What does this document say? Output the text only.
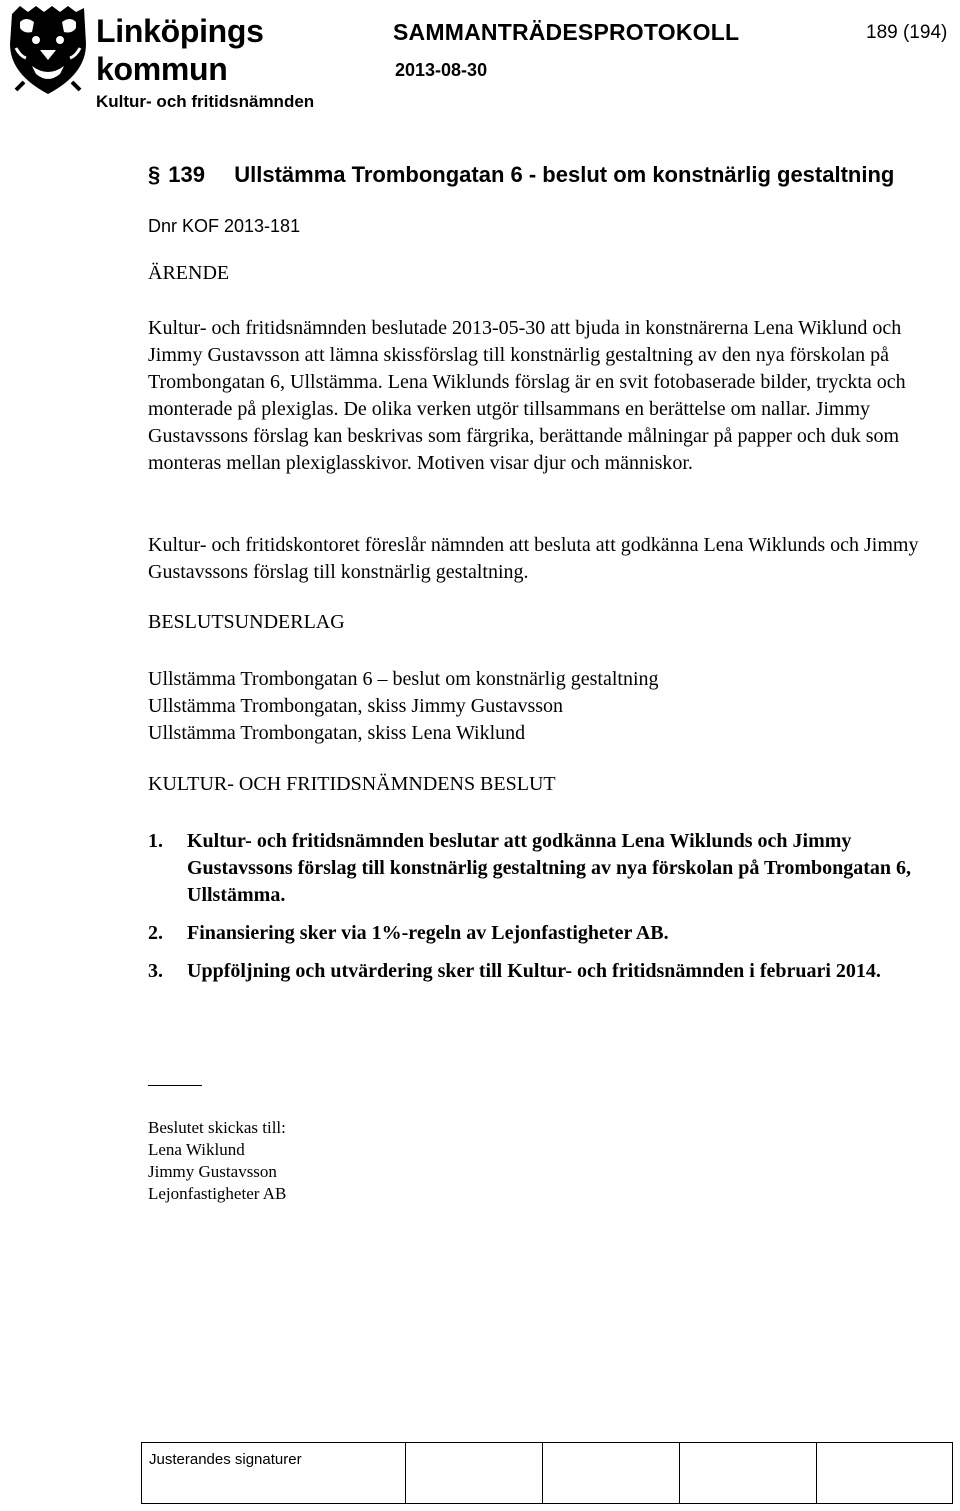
Linköpings
kommun
Kultur- och fritidsnämnden
SAMMANTRÄDESPROTOKOLL
2013-08-30
189 (194)
§ 139 Ullstämma Trombongatan 6 - beslut om konstnärlig gestaltning
Dnr KOF 2013-181
ÄRENDE

Kultur- och fritidsnämnden beslutade 2013-05-30 att bjuda in konstnärerna Lena Wiklund och Jimmy Gustavsson att lämna skissförslag till konstnärlig gestaltning av den nya förskolan på Trombongatan 6, Ullstämma. Lena Wiklunds förslag är en svit fotobaserade bilder, tryckta och monterade på plexiglas. De olika verken utgör tillsammans en berättelse om nallar. Jimmy Gustavssons förslag kan beskrivas som färgrika, berättande målningar på papper och duk som monteras mellan plexiglasskivor. Motiven visar djur och människor.

Kultur- och fritidskontoret föreslår nämnden att besluta att godkänna Lena Wiklunds och Jimmy Gustavssons förslag till konstnärlig gestaltning.

BESLUTSUNDERLAG

Ullstämma Trombongatan 6 – beslut om konstnärlig gestaltning

Ullstämma Trombongatan, skiss Jimmy Gustavsson

Ullstämma Trombongatan, skiss Lena Wiklund

KULTUR- OCH FRITIDSNÄMNDENS BESLUT
1. Kultur- och fritidsnämnden beslutar att godkänna Lena Wiklunds och Jimmy Gustavssons förslag till konstnärlig gestaltning av nya förskolan på Trombongatan 6, Ullstämma.
2. Finansiering sker via 1%-regeln av Lejonfastigheter AB.
3. Uppföljning och utvärdering sker till Kultur- och fritidsnämnden i februari 2014.

Beslutet skickas till:

Lena Wiklund

Jimmy Gustavsson

Lejonfastigheter AB

Justerandes signaturer
